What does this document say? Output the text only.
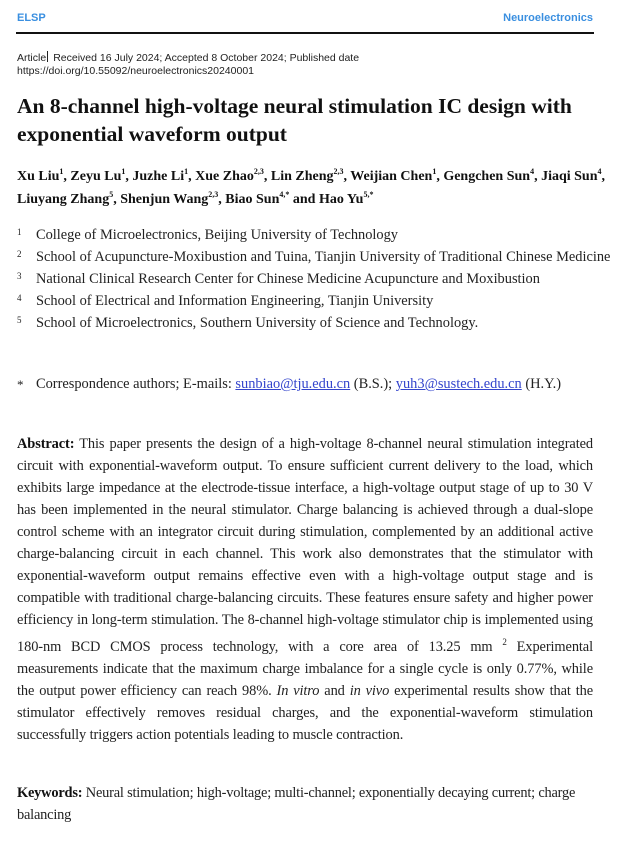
ELSP	Neuroelectronics
Article Received 16 July 2024; Accepted 8 October 2024; Published date
https://doi.org/10.55092/neuroelectronics20240001
An 8-channel high-voltage neural stimulation IC design with exponential waveform output
Xu Liu$^1$, Zeyu Lu$^1$, Juzhe Li$^1$, Xue Zhao$^{2,3}$, Lin Zheng$^{2,3}$, Weijian Chen$^1$, Gengchen Sun$^4$, Jiaqi Sun$^4$, Liuyang Zhang$^5$, Shenjun Wang$^{2,3}$, Biao Sun$^{4,*}$ and Hao $Yu^{5,*}$
1 College of Microelectronics, Beijing University of Technology
2 School of Acupuncture-Moxibustion and Tuina, Tianjin University of Traditional Chinese Medicine
3 National Clinical Research Center for Chinese Medicine Acupuncture and Moxibustion
4 School of Electrical and Information Engineering, Tianjin University
5 School of Microelectronics, Southern University of Science and Technology.
* Correspondence authors; E-mails: sunbiao@tju.edu.cn (B.S.); yuh3@sustech.edu.cn (H.Y.)

Abstract: This paper presents the design of a high-voltage 8-channel neural stimulation integrated circuit with exponential-waveform output. To ensure sufficient current delivery to the load, which exhibits large impedance at the electrode-tissue interface, a high-voltage output stage of up to 30 V has been implemented in the neural stimulator. Charge balancing is achieved through a dual-slope control scheme with an integrator circuit during stimulation, complemented by an additional active charge-balancing circuit in each channel. This work also demonstrates that the stimulator with exponential-waveform output remains effective even with a high-voltage output stage and is compatible with traditional charge-balancing circuits. These features ensure safety and higher power efficiency in long-term stimulation. The 8-channel high-voltage stimulator chip is implemented using 180-nm BCD CMOS process technology, with a core area of 13.25 mm $^2$ Experimental measurements indicate that the maximum charge imbalance for a single cycle is only 0.77%, while the output power efficiency can reach 98%. In vitro and in vivo experimental results show that the stimulator effectively removes residual charges, and the exponential-waveform stimulation successfully triggers action potentials leading to muscle contraction.

Keywords: Neural stimulation; high-voltage; multi-channel; exponentially decaying current; charge balancing
